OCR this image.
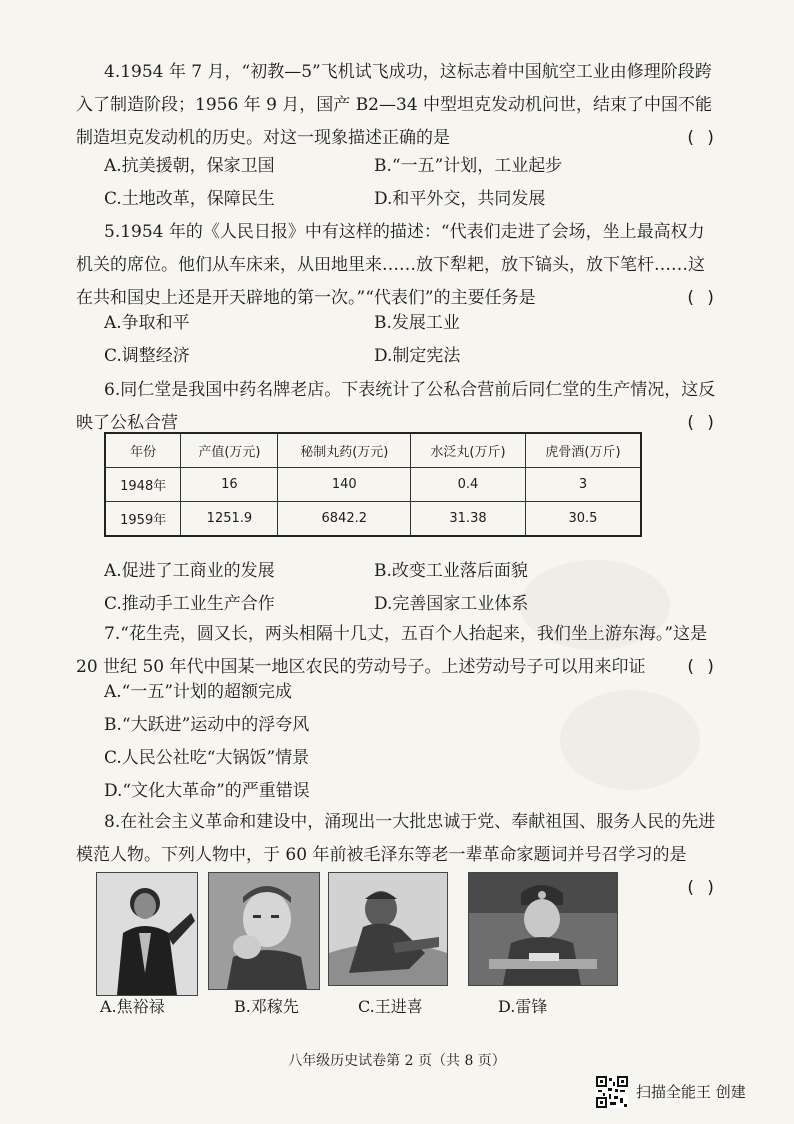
4.1954 年 7 月，“初教—5”飞机试飞成功，这标志着中国航空工业由修理阶段跨入了制造阶段；1956 年 9 月，国产 B2—34 中型坦克发动机问世，结束了中国不能制造坦克发动机的历史。对这一现象描述正确的是	( )
A.抗美援朝，保家卫国	B.“一五”计划，工业起步
C.土地改革，保障民生	D.和平外交，共同发展

5.1954 年的《人民日报》中有这样的描述：“代表们走进了会场，坐上最高权力机关的席位。他们从车床来，从田地里来……放下犁耙，放下镐头，放下笔杆……这在共和国史上还是开天辟地的第一次。”“代表们”的主要任务是	( )
A.争取和平	B.发展工业
C.调整经济	D.制定宪法

6.同仁堂是我国中药名牌老店。下表统计了公私合营前后同仁堂的生产情况，这反映了公私合营	( )
年份	产值(万元)	秘制丸药(万元)	水泛丸(万斤)	虎骨酒(万斤)
1948年	16	140	0.4	3
1959年	1251.9	6842.2	31.38	30.5
A.促进了工商业的发展	B.改变工业落后面貌
C.推动手工业生产合作	D.完善国家工业体系

7.“花生壳，圆又长，两头相隔十几丈，五百个人抬起来，我们坐上游东海。”这是 20 世纪 50 年代中国某一地区农民的劳动号子。上述劳动号子可以用来印证	( )
A.“一五”计划的超额完成
B.“大跃进”运动中的浮夸风
C.人民公社吃“大锅饭”情景
D.“文化大革命”的严重错误

8.在社会主义革命和建设中，涌现出一大批忠诚于党、奉献祖国、服务人民的先进模范人物。下列人物中，于 60 年前被毛泽东等老一辈革命家题词并号召学习的是

( )
A.焦裕禄	B.邓稼先	C.王进喜	D.雷锋
八年级历史试卷第 2 页（共 8 页）
扫描全能王 创建
